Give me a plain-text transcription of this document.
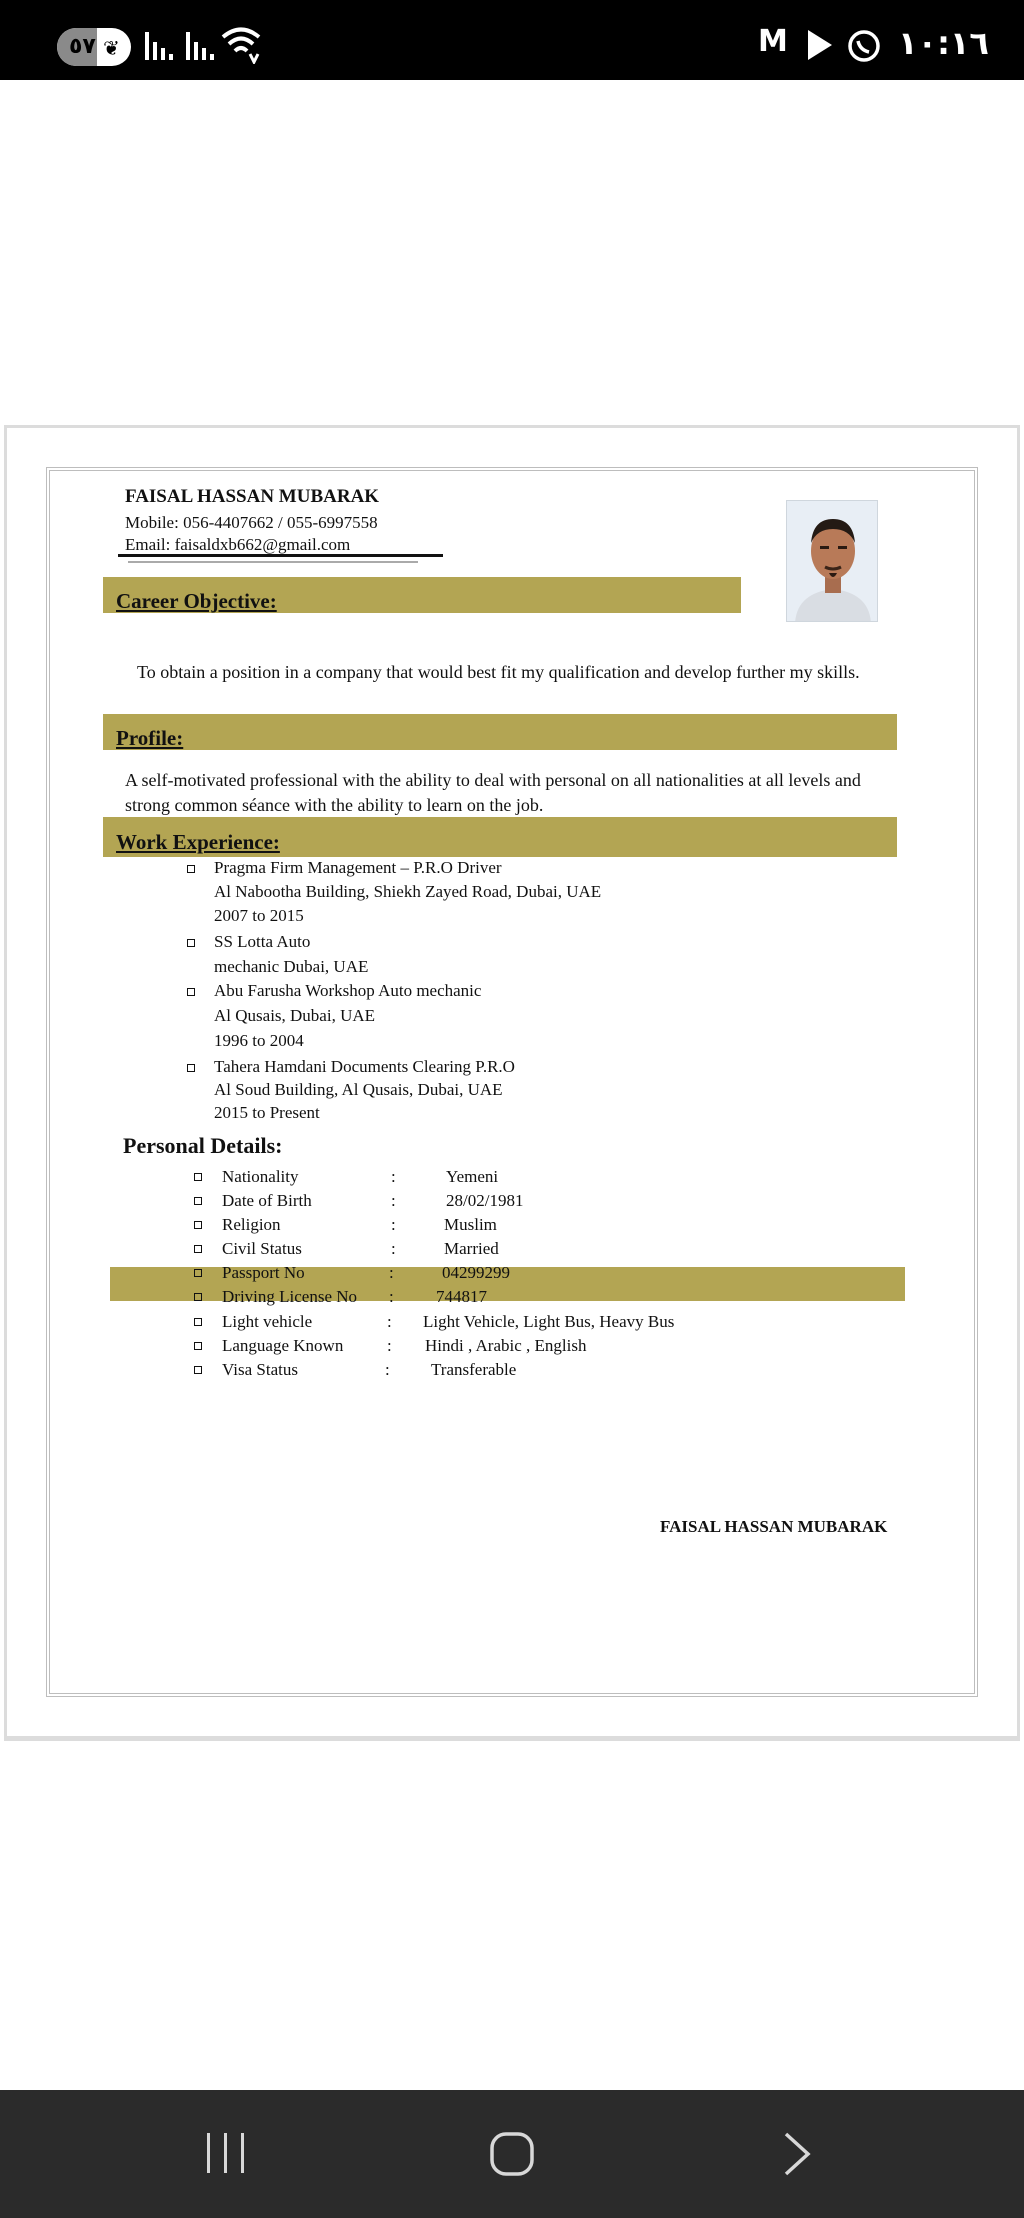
٥٧ ❦	M	١٠:١٦
FAISAL HASSAN MUBARAK
Mobile: 056-4407662 / 055-6997558
Email: faisaldxb662@gmail.com
Career Objective:
To obtain a position in a company that would best fit my qualification and develop further my skills.
Profile:
A self-motivated professional with the ability to deal with personal on all nationalities at all levels and strong common séance with the ability to learn on the job.
Work Experience:
Pragma Firm Management – P.R.O Driver
Al Nabootha Building, Shiekh Zayed Road, Dubai, UAE
2007 to 2015
SS Lotta Auto
mechanic Dubai, UAE
Abu Farusha Workshop Auto mechanic
Al Qusais, Dubai, UAE
1996 to 2004
Tahera Hamdani Documents Clearing P.R.O
Al Soud Building, Al Qusais, Dubai, UAE
2015 to Present
Personal Details:
Nationality	:	Yemeni
Date of Birth	:	28/02/1981
Religion	:	Muslim
Civil Status	:	Married
Passport No	:	04299299
Driving License No : 744817
Light vehicle	: Light Vehicle, Light Bus, Heavy Bus
Language Known	: Hindi , Arabic , English
Visa Status	: Transferable
FAISAL HASSAN MUBARAK
